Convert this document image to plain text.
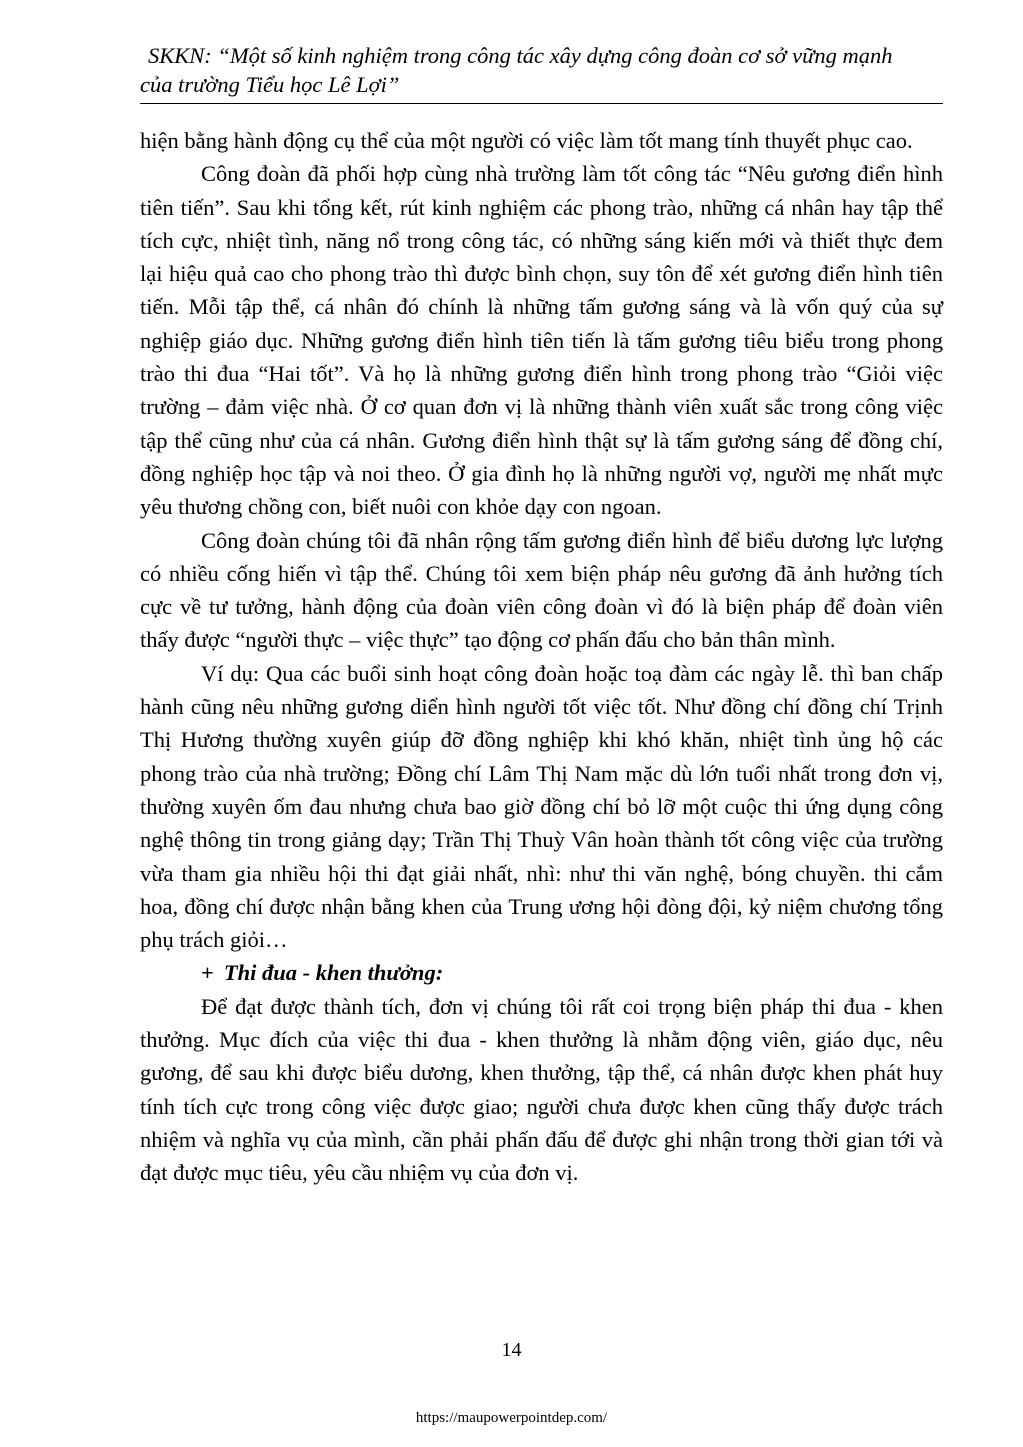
SKKN: “Một số kinh nghiệm trong công tác xây dựng công đoàn cơ sở vững mạnh
của trường Tiểu học Lê Lợi”

hiện bằng hành động cụ thể của một người có việc làm tốt mang tính thuyết phục cao.

Công đoàn đã phối hợp cùng nhà trường làm tốt công tác “Nêu gương điển hình tiên tiến”. Sau khi tổng kết, rút kinh nghiệm các phong trào, những cá nhân hay tập thể tích cực, nhiệt tình, năng nổ trong công tác, có những sáng kiến mới và thiết thực đem lại hiệu quả cao cho phong trào thì được bình chọn, suy tôn để xét gương điển hình tiên tiến. Mỗi tập thể, cá nhân đó chính là những tấm gương sáng và là vốn quý của sự nghiệp giáo dục. Những gương điển hình tiên tiến là tấm gương tiêu biểu trong phong trào thi đua “Hai tốt”. Và họ là những gương điển hình trong phong trào “Giỏi việc trường – đảm việc nhà. Ở cơ quan đơn vị là những thành viên xuất sắc trong công việc tập thể cũng như của cá nhân. Gương điển hình thật sự là tấm gương sáng để đồng chí, đồng nghiệp học tập và noi theo. Ở gia đình họ là những người vợ, người mẹ nhất mực yêu thương chồng con, biết nuôi con khỏe dạy con ngoan.

Công đoàn chúng tôi đã nhân rộng tấm gương điển hình để biểu dương lực lượng có nhiều cống hiến vì tập thể. Chúng tôi xem biện pháp nêu gương đã ảnh hưởng tích cực về tư tưởng, hành động của đoàn viên công đoàn vì đó là biện pháp để đoàn viên thấy được “người thực – việc thực” tạo động cơ phấn đấu cho bản thân mình.

Ví dụ: Qua các buổi sinh hoạt công đoàn hoặc toạ đàm các ngày lễ. thì ban chấp hành cũng nêu những gương diển hình người tốt việc tốt. Như đồng chí đồng chí Trịnh Thị Hương thường xuyên giúp đỡ đồng nghiệp khi khó khăn, nhiệt tình ủng hộ các phong trào của nhà trường; Đồng chí Lâm Thị Nam mặc dù lớn tuổi nhất trong đơn vị, thường xuyên ốm đau nhưng chưa bao giờ đồng chí bỏ lỡ một cuộc thi ứng dụng công nghệ thông tin trong giảng dạy; Trần Thị Thuỳ Vân hoàn thành tốt công việc của trường vừa tham gia nhiều hội thi đạt giải nhất, nhì: như thi văn nghệ, bóng chuyền. thi cắm hoa, đồng chí được nhận bằng khen của Trung ương hội đòng đội, kỷ niệm chương tổng phụ trách giỏi…

+ Thi đua - khen thưởng:

Để đạt được thành tích, đơn vị chúng tôi rất coi trọng biện pháp thi đua - khen thưởng. Mục đích của việc thi đua - khen thưởng là nhằm động viên, giáo dục, nêu gương, để sau khi được biểu dương, khen thưởng, tập thể, cá nhân được khen phát huy tính tích cực trong công việc được giao; người chưa được khen cũng thấy được trách nhiệm và nghĩa vụ của mình, cần phải phấn đấu để được ghi nhận trong thời gian tới và đạt được mục tiêu, yêu cầu nhiệm vụ của đơn vị.

14
https://maupowerpointdep.com/
